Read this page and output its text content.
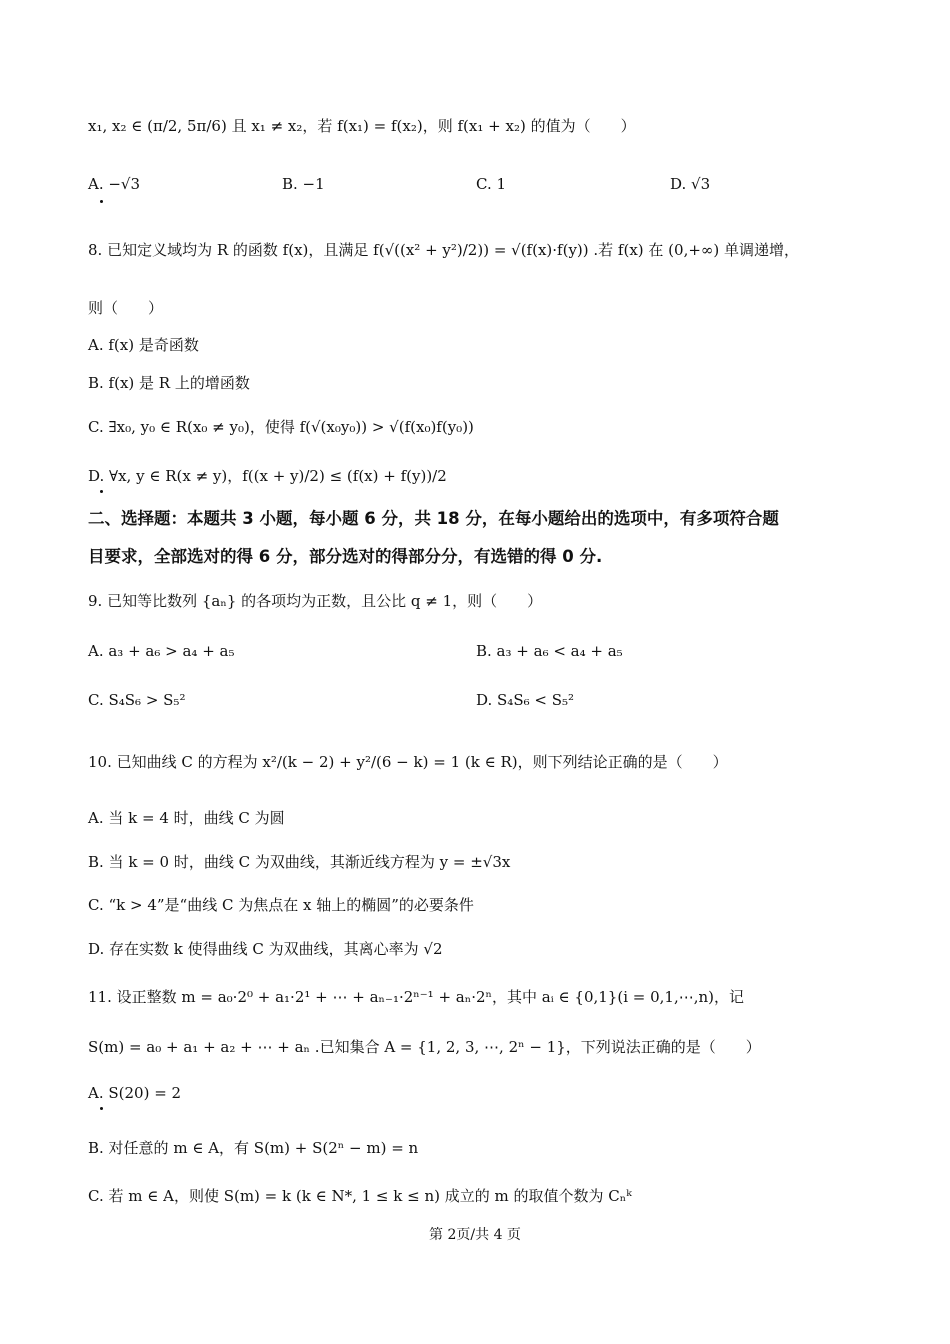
x₁, x₂ ∈ (π/2, 5π/6) 且 x₁ ≠ x₂，若 f(x₁) = f(x₂)，则 f(x₁ + x₂) 的值为（　　）
A. −√3	B. −1	C. 1	D. √3
8. 已知定义域均为 R 的函数 f(x)，且满足 f(√((x² + y²)/2)) = √(f(x)·f(y)) .若 f(x) 在 (0,+∞) 单调递增，
则（　　）
A. f(x) 是奇函数
B. f(x) 是 R 上的增函数
C. ∃x₀, y₀ ∈ R(x₀ ≠ y₀)，使得 f(√(x₀y₀)) > √(f(x₀)f(y₀))
D. ∀x, y ∈ R(x ≠ y)，f((x + y)/2) ≤ (f(x) + f(y))/2
二、选择题：本题共 3 小题，每小题 6 分，共 18 分，在每小题给出的选项中，有多项符合题
目要求，全部选对的得 6 分，部分选对的得部分分，有选错的得 0 分.
9. 已知等比数列 {aₙ} 的各项均为正数，且公比 q ≠ 1，则（　　）
A. a₃ + a₆ > a₄ + a₅	B. a₃ + a₆ < a₄ + a₅
C. S₄S₆ > S₅²	D. S₄S₆ < S₅²
10. 已知曲线 C 的方程为 x²/(k − 2) + y²/(6 − k) = 1 (k ∈ R)，则下列结论正确的是（　　）
A. 当 k = 4 时，曲线 C 为圆
B. 当 k = 0 时，曲线 C 为双曲线，其渐近线方程为 y = ±√3x
C. “k > 4”是“曲线 C 为焦点在 x 轴上的椭圆”的必要条件
D. 存在实数 k 使得曲线 C 为双曲线，其离心率为 √2
11. 设正整数 m = a₀·2⁰ + a₁·2¹ + ⋯ + aₙ₋₁·2ⁿ⁻¹ + aₙ·2ⁿ，其中 aᵢ ∈ {0,1}(i = 0,1,⋯,n)，记
S(m) = a₀ + a₁ + a₂ + ⋯ + aₙ .已知集合 A = {1, 2, 3, ⋯, 2ⁿ − 1}，下列说法正确的是（　　）
A. S(20) = 2
B. 对任意的 m ∈ A，有 S(m) + S(2ⁿ − m) = n
C. 若 m ∈ A，则使 S(m) = k (k ∈ N*, 1 ≤ k ≤ n) 成立的 m 的取值个数为 Cₙᵏ
第 2页/共 4 页
